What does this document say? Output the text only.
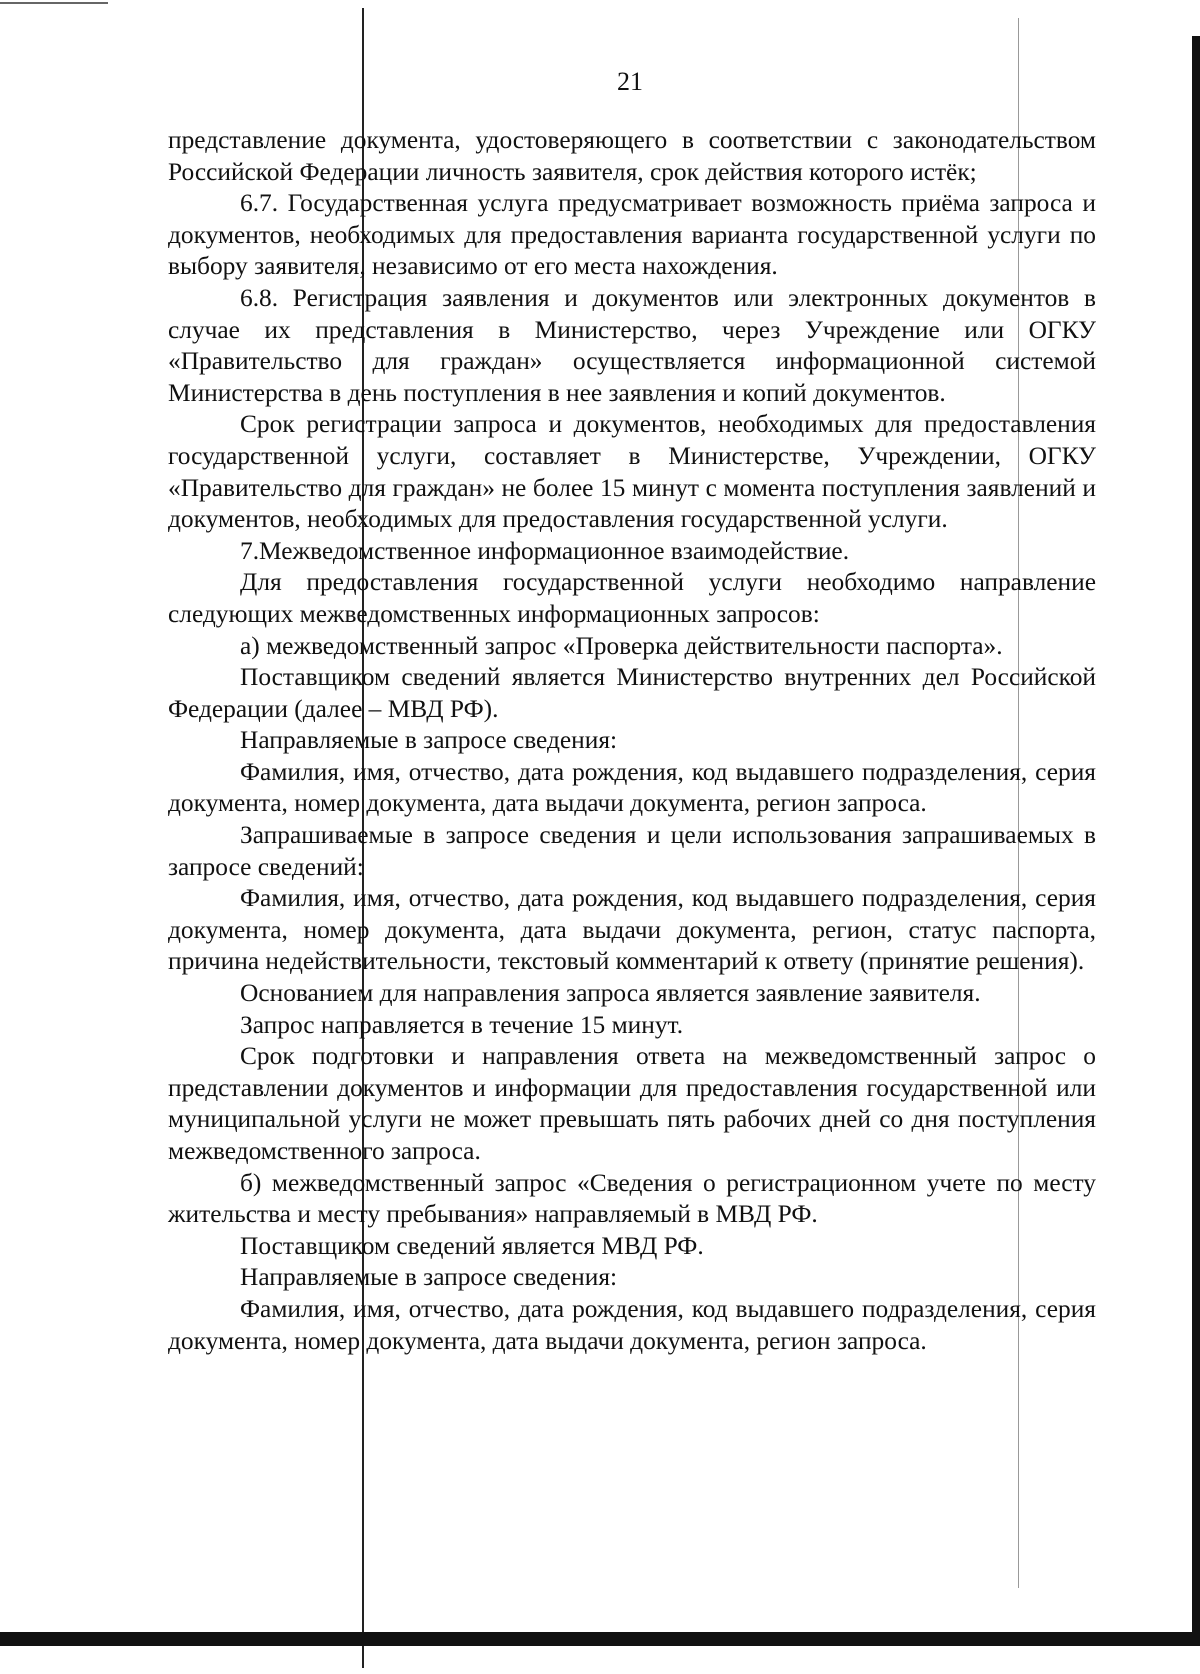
21

представление документа, удостоверяющего в соответствии с законодательством Российской Федерации личность заявителя, срок действия которого истёк;

6.7. Государственная услуга предусматривает возможность приёма запроса и документов, необходимых для предоставления варианта государственной услуги по выбору заявителя, независимо от его места нахождения.

6.8. Регистрация заявления и документов или электронных документов в случае их представления в Министерство, через Учреждение или ОГКУ «Правительство для граждан» осуществляется информационной системой Министерства в день поступления в нее заявления и копий документов.

Срок регистрации запроса и документов, необходимых для предоставления государственной услуги, составляет в Министерстве, Учреждении, ОГКУ «Правительство для граждан» не более 15 минут с момента поступления заявлений и документов, необходимых для предоставления государственной услуги.

7.Межведомственное информационное взаимодействие.

Для предоставления государственной услуги необходимо направление следующих межведомственных информационных запросов:

а) межведомственный запрос «Проверка действительности паспорта».

Поставщиком сведений является Министерство внутренних дел Российской Федерации (далее – МВД РФ).

Направляемые в запросе сведения:

Фамилия, имя, отчество, дата рождения, код выдавшего подразделения, серия документа, номер документа, дата выдачи документа, регион запроса.

Запрашиваемые в запросе сведения и цели использования запрашиваемых в запросе сведений:

Фамилия, имя, отчество, дата рождения, код выдавшего подразделения, серия документа, номер документа, дата выдачи документа, регион, статус паспорта, причина недействительности, текстовый комментарий к ответу (принятие решения).

Основанием для направления запроса является заявление заявителя.

Запрос направляется в течение 15 минут.

Срок подготовки и направления ответа на межведомственный запрос о представлении документов и информации для предоставления государственной или муниципальной услуги не может превышать пять рабочих дней со дня поступления межведомственного запроса.

б) межведомственный запрос «Сведения о регистрационном учете по месту жительства и месту пребывания» направляемый в МВД РФ.

Поставщиком сведений является МВД РФ.

Направляемые в запросе сведения:

Фамилия, имя, отчество, дата рождения, код выдавшего подразделения, серия документа, номер документа, дата выдачи документа, регион запроса.
